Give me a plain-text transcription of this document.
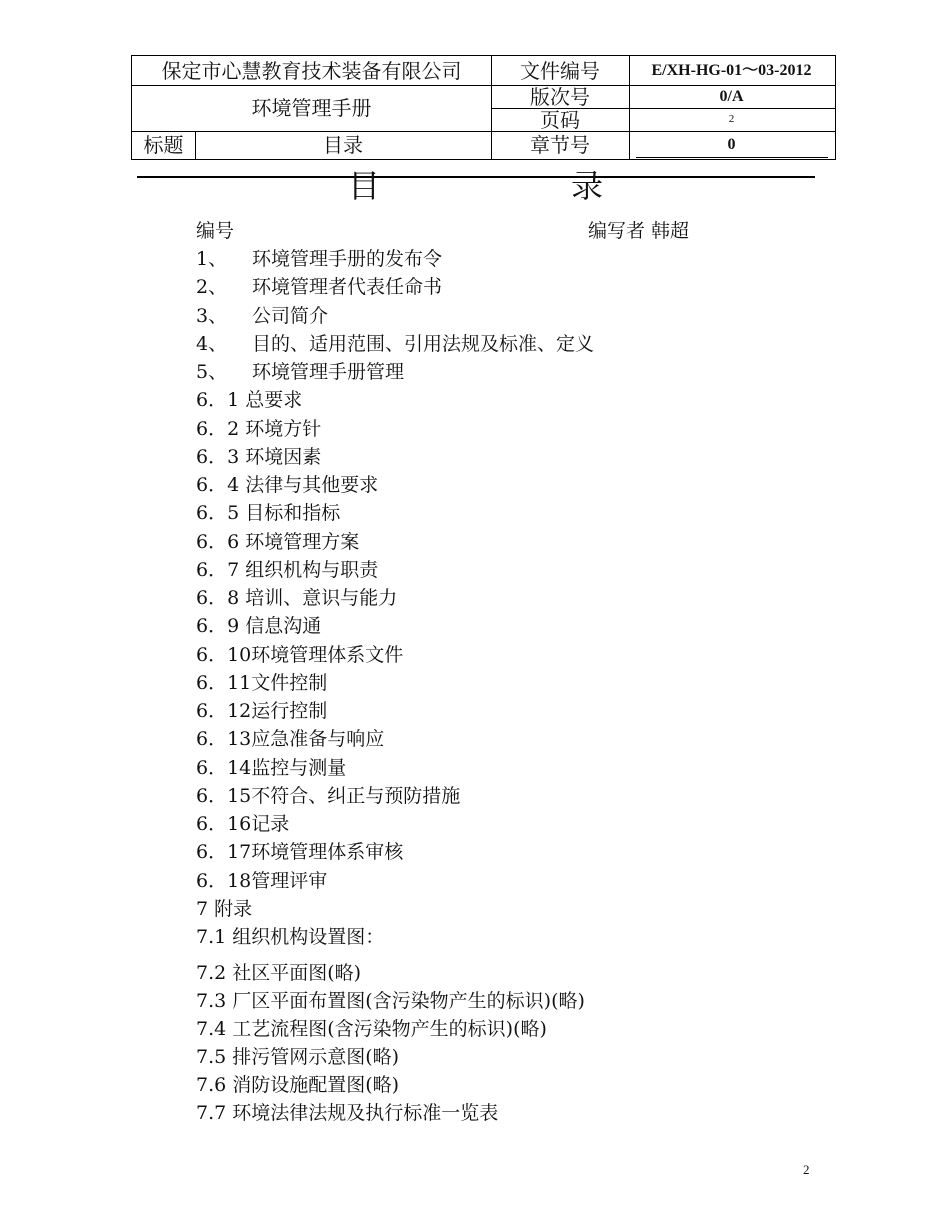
保定市心慧教育技术装备有限公司	文件编号	E/XH-HG-01～03-2012
环境管理手册	版次号	0/A
页码	2
标题	目录	章节号	0
目	录
编号
1、 环境管理手册的发布令
2、 环境管理者代表任命书
3、 公司简介
4、 目的、适用范围、引用法规及标准、定义
5、 环境管理手册管理
6．1 总要求
6．2 环境方针
6．3 环境因素
6．4 法律与其他要求
6．5 目标和指标
6．6 环境管理方案
6．7 组织机构与职责
6．8 培训、意识与能力
6．9 信息沟通
6．10环境管理体系文件
6．11文件控制
6．12运行控制
6．13应急准备与响应
6．14监控与测量
6．15不符合、纠正与预防措施
6．16记录
6．17环境管理体系审核
6．18管理评审
7 附录
7.1 组织机构设置图：
7.2 社区平面图(略)
7.3 厂区平面布置图(含污染物产生的标识)(略)
7.4 工艺流程图(含污染物产生的标识)(略)
7.5 排污管网示意图(略)
7.6 消防设施配置图(略)
7.7 环境法律法规及执行标准一览表
编写者 韩超
2
